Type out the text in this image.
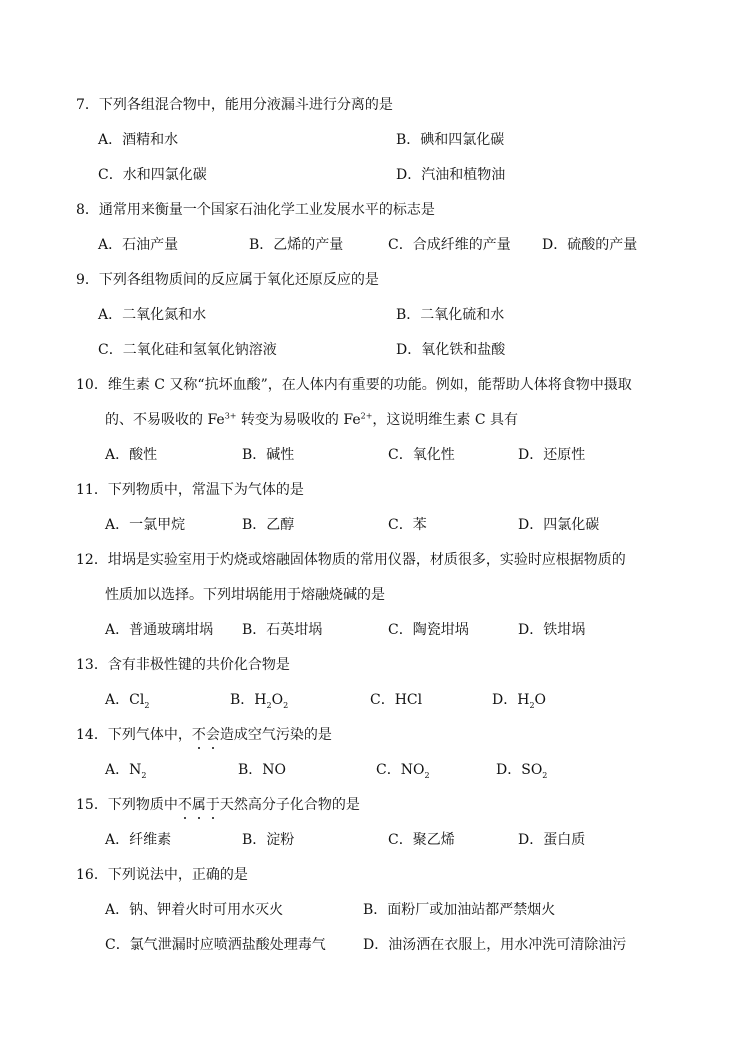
7．下列各组混合物中，能用分液漏斗进行分离的是
A．酒精和水	B．碘和四氯化碳
C．水和四氯化碳	D．汽油和植物油
8．通常用来衡量一个国家石油化学工业发展水平的标志是
A．石油产量	B．乙烯的产量	C．合成纤维的产量 D．硫酸的产量
9．下列各组物质间的反应属于氧化还原反应的是
A．二氧化氮和水	B．二氧化硫和水
C．二氧化硅和氢氧化钠溶液	D．氧化铁和盐酸
10．维生素 C 又称“抗坏血酸”，在人体内有重要的功能。例如，能帮助人体将食物中摄取
的、不易吸收的 $Fe^{3+}$ 转变为易吸收的 $Fe^{2+}$，这说明维生素 C 具有
A．酸性	B．碱性	C．氧化性	D．还原性
11．下列物质中，常温下为气体的是
A．一氯甲烷	B．乙醇	C．苯	D．四氯化碳
12．坩埚是实验室用于灼烧或熔融固体物质的常用仪器，材质很多，实验时应根据物质的
性质加以选择。下列坩埚能用于熔融烧碱的是
A．普通玻璃坩埚 B．石英坩埚	C．陶瓷坩埚	D．铁坩埚
13．含有非极性键的共价化合物是
A．$Cl_2$	B．$H_2O_2$	C．HCl	D．$H_2O$
14．下列气体中，不会造成空气污染的是
A．$N_2$	B．NO	C．$NO_2$	D．$SO_2$
15．下列物质中不属于天然高分子化合物的是
A．纤维素	B．淀粉	C．聚乙烯	D．蛋白质
16．下列说法中，正确的是
A．钠、钾着火时可用水灭火	B．面粉厂或加油站都严禁烟火
C．氯气泄漏时应喷洒盐酸处理毒气	D．油汤洒在衣服上，用水冲洗可清除油污
